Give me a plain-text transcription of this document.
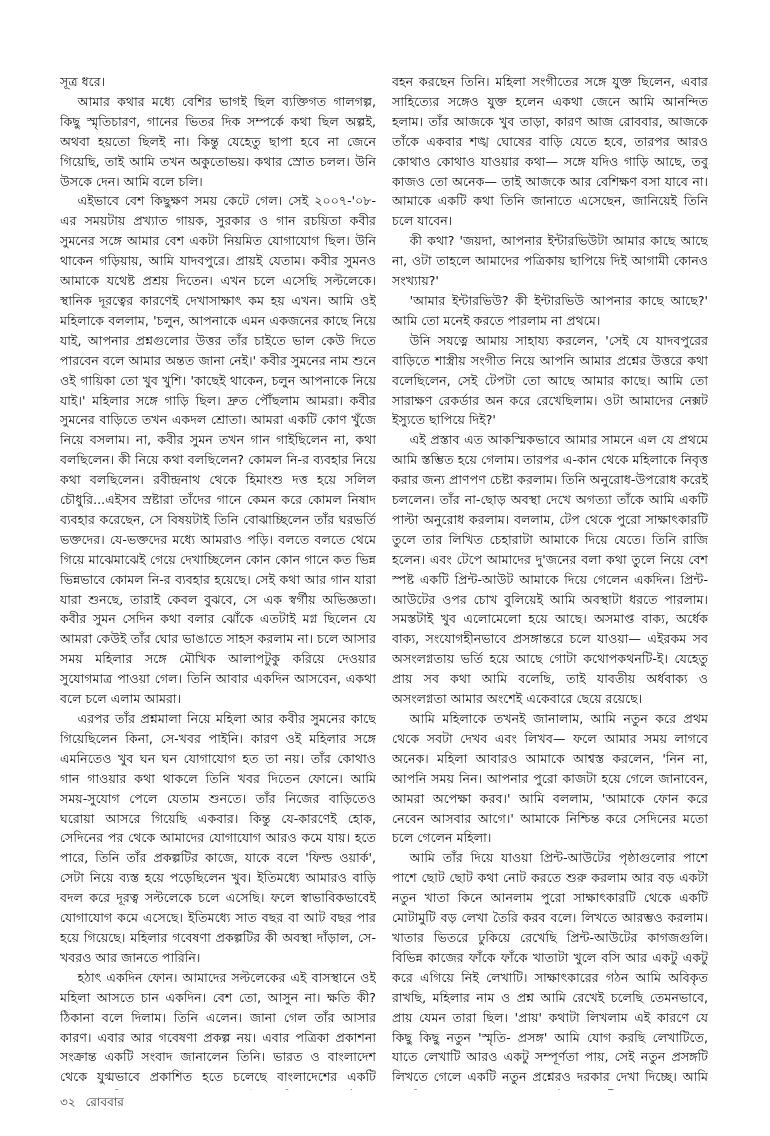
সূত্র ধরে।

আমার কথার মধ্যে বেশির ভাগই ছিল ব্যক্তিগত গালগল্প, কিছু স্মৃতিচারণ, গানের ভিতর দিক সম্পর্কে কথা ছিল অল্পই, অথবা হয়তো ছিলই না। কিন্তু যেহেতু ছাপা হবে না জেনে গিয়েছি, তাই আমি তখন অকুতোভয়। কথার স্রোত চলল। উনি উসকে দেন। আমি বলে চলি।

এইভাবে বেশ কিছুক্ষণ সময় কেটে গেল। সেই ২০০৭-'০৮-এর সময়টায় প্রখ্যাত গায়ক, সুরকার ও গান রচয়িতা কবীর সুমনের সঙ্গে আমার বেশ একটা নিয়মিত যোগাযোগ ছিল। উনি থাকেন গড়িয়ায়, আমি যাদবপুরে। প্রায়ই যেতাম। কবীর সুমনও আমাকে যথেষ্ট প্রশ্রয় দিতেন। এখন চলে এসেছি সল্টলেকে। স্থানিক দূরত্বের কারণেই দেখাসাক্ষাৎ কম হয় এখন। আমি ওই মহিলাকে বললাম, 'চলুন, আপনাকে এমন একজনের কাছে নিয়ে যাই, আপনার প্রশ্নগুলোর উত্তর তাঁর চাইতে ভাল কেউ দিতে পারবেন বলে আমার অন্তত জানা নেই।' কবীর সুমনের নাম শুনে ওই গায়িকা তো খুব খুশি। 'কাছেই থাকেন, চলুন আপনাকে নিয়ে যাই।' মহিলার সঙ্গে গাড়ি ছিল। দ্রুত পৌঁছলাম আমরা। কবীর সুমনের বাড়িতে তখন একদল শ্রোতা। আমরা একটি কোণ খুঁজে নিয়ে বসলাম। না, কবীর সুমন তখন গান গাইছিলেন না, কথা বলছিলেন। কী নিয়ে কথা বলছিলেন? কোমল নি-র ব্যবহার নিয়ে কথা বলছিলেন। রবীন্দ্রনাথ থেকে হিমাংশু দত্ত হয়ে সলিল চৌধুরি...এইসব স্রষ্টারা তাঁদের গানে কেমন করে কোমল নিষাদ ব্যবহার করেছেন, সে বিষয়টাই তিনি বোঝাচ্ছিলেন তাঁর ঘরভর্তি ভক্তদের। যে-ভক্তদের মধ্যে আমরাও পড়ি। বলতে বলতে থেমে গিয়ে মাঝেমাঝেই গেয়ে দেখাচ্ছিলেন কোন কোন গানে কত ভিন্ন ভিন্নভাবে কোমল নি-র ব্যবহার হয়েছে। সেই কথা আর গান যারা যারা শুনছে, তারাই কেবল বুঝবে, সে এক স্বর্গীয় অভিজ্ঞতা। কবীর সুমন সেদিন কথা বলার ঝোঁকে এতটাই মগ্ন ছিলেন যে আমরা কেউই তাঁর ঘোর ভাঙাতে সাহস করলাম না। চলে আসার সময় মহিলার সঙ্গে মৌখিক আলাপটুকু করিয়ে দেওয়ার সুযোগমাত্র পাওয়া গেল। তিনি আবার একদিন আসবেন, একথা বলে চলে এলাম আমরা।

এরপর তাঁর প্রশ্নমালা নিয়ে মহিলা আর কবীর সুমনের কাছে গিয়েছিলেন কিনা, সে-খবর পাইনি। কারণ ওই মহিলার সঙ্গে এমনিতেও খুব ঘন ঘন যোগাযোগ হত তা নয়। তাঁর কোথাও গান গাওয়ার কথা থাকলে তিনি খবর দিতেন ফোনে। আমি সময়-সুযোগ পেলে যেতাম শুনতে। তাঁর নিজের বাড়িতেও ঘরোয়া আসরে গিয়েছি একবার। কিন্তু যে-কারণেই হোক, সেদিনের পর থেকে আমাদের যোগাযোগ আরও কমে যায়। হতে পারে, তিনি তাঁর প্রকল্পটির কাজে, যাকে বলে 'ফিল্ড ওয়ার্ক', সেটা নিয়ে ব্যস্ত হয়ে পড়েছিলেন খুব। ইতিমধ্যে আমারও বাড়ি বদল করে দূরত্ব সল্টলেকে চলে এসেছি। ফলে স্বাভাবিকভাবেই যোগাযোগ কমে এসেছে। ইতিমধ্যে সাত বছর বা আট বছর পার হয়ে গিয়েছে। মহিলার গবেষণা প্রকল্পটির কী অবস্থা দাঁড়াল, সে-খবরও আর জানতে পারিনি।

হঠাৎ একদিন ফোন। আমাদের সল্টলেকের এই বাসস্থানে ওই মহিলা আসতে চান একদিন। বেশ তো, আসুন না। ক্ষতি কী? ঠিকানা বলে দিলাম। তিনি এলেন। জানা গেল তাঁর আসার কারণ। এবার আর গবেষণা প্রকল্প নয়। এবার পত্রিকা প্রকাশনা সংক্রান্ত একটি সংবাদ জানালেন তিনি। ভারত ও বাংলাদেশ থেকে যুগ্মভাবে প্রকাশিত হতে চলেছে বাংলাদেশের একটি

বহন করছেন তিনি। মহিলা সংগীতের সঙ্গে যুক্ত ছিলেন, এবার সাহিত্যের সঙ্গেও যুক্ত হলেন একথা জেনে আমি আনন্দিত হলাম। তাঁর আজকে খুব তাড়া, কারণ আজ রোববার, আজকে তাঁকে একবার শঙ্খ ঘোষের বাড়ি যেতে হবে, তারপর আরও কোথাও কোথাও যাওয়ার কথা— সঙ্গে যদিও গাড়ি আছে, তবু কাজও তো অনেক— তাই আজকে আর বেশিক্ষণ বসা যাবে না। আমাকে একটি কথা তিনি জানাতে এসেছেন, জানিয়েই তিনি চলে যাবেন।

কী কথা? 'জয়দা, আপনার ইন্টারভিউটা আমার কাছে আছে না, ওটা তাহলে আমাদের পত্রিকায় ছাপিয়ে দিই আগামী কোনও সংখ্যায়?'

'আমার ইন্টারভিউ? কী ইন্টারভিউ আপনার কাছে আছে?' আমি তো মনেই করতে পারলাম না প্রথমে।

উনি সযত্নে আমায় সাহায্য করলেন, 'সেই যে যাদবপুরের বাড়িতে শাস্ত্রীয় সংগীত নিয়ে আপনি আমার প্রশ্নের উত্তরে কথা বলেছিলেন, সেই টেপটা তো আছে আমার কাছে। আমি তো সারাক্ষণ রেকর্ডার অন করে রেখেছিলাম। ওটা আমাদের নেক্সট ইস্যুতে ছাপিয়ে দিই?'

এই প্রস্তাব এত আকস্মিকভাবে আমার সামনে এল যে প্রথমে আমি স্তম্ভিত হয়ে গেলাম। তারপর এ-কান থেকে মহিলাকে নিবৃত্ত করার জন্য প্রাণপণ চেষ্টা করলাম। তিনি অনুরোধ-উপরোধ করেই চললেন। তাঁর না-ছোড় অবস্থা দেখে অগত্যা তাঁকে আমি একটি পাল্টা অনুরোধ করলাম। বললাম, টেপ থেকে পুরো সাক্ষাৎকারটি তুলে তার লিখিত চেহারাটা আমাকে দিয়ে যেতে। তিনি রাজি হলেন। এবং টেপে আমাদের দু'জনের বলা কথা তুলে নিয়ে বেশ স্পষ্ট একটি প্রিন্ট-আউট আমাকে দিয়ে গেলেন একদিন। প্রিন্ট-আউটের ওপর চোখ বুলিয়েই আমি অবস্থাটা ধরতে পারলাম। সমস্তটাই খুব এলোমেলো হয়ে আছে। অসমাপ্ত বাক্য, অর্ধেক বাক্য, সংযোগহীনভাবে প্রসঙ্গান্তরে চলে যাওয়া— এইরকম সব অসংলগ্নতায় ভর্তি হয়ে আছে গোটা কথোপকথনটি-ই। যেহেতু প্রায় সব কথা আমি বলেছি, তাই যাবতীয় অর্ধবাক্য ও অসংলগ্নতা আমার অংশেই একেবারে ছেয়ে রয়েছে।

আমি মহিলাকে তখনই জানালাম, আমি নতুন করে প্রথম থেকে সবটা দেখব এবং লিখব— ফলে আমার সময় লাগবে অনেক। মহিলা আবারও আমাকে আশ্বস্ত করলেন, 'নিন না, আপনি সময় নিন। আপনার পুরো কাজটা হয়ে গেলে জানাবেন, আমরা অপেক্ষা করব।' আমি বললাম, 'আমাকে ফোন করে নেবেন আসবার আগে।' আমাকে নিশ্চিন্ত করে সেদিনের মতো চলে গেলেন মহিলা।

আমি তাঁর দিয়ে যাওয়া প্রিন্ট-আউটের পৃষ্ঠাগুলোর পাশে পাশে ছোট ছোট কথা নোট করতে শুরু করলাম আর বড় একটা নতুন খাতা কিনে আনলাম পুরো সাক্ষাৎকারটি থেকে একটি মোটামুটি বড় লেখা তৈরি করব বলে। লিখতে আরম্ভও করলাম। খাতার ভিতরে ঢুকিয়ে রেখেছি প্রিন্ট-আউটের কাগজগুলি। বিভিন্ন কাজের ফাঁকে ফাঁকে খাতাটা খুলে বসি আর একটু একটু করে এগিয়ে নিই লেখাটি। সাক্ষাৎকারের গঠন আমি অবিকৃত রাখছি, মহিলার নাম ও প্রশ্ন আমি রেখেই চলেছি তেমনভাবে, প্রায় যেমন তারা ছিল। 'প্রায়' কথাটা লিখলাম এই কারণে যে কিছু কিছু নতুন 'স্মৃতি- প্রসঙ্গ' আমি যোগ করছি লেখাটিতে, যাতে লেখাটি আরও একটু সম্পূর্ণতা পায়, সেই নতুন প্রসঙ্গটি লিখতে গেলে একটি নতুন প্রশ্নেরও দরকার দেখা দিচ্ছে। আমি

৩২ রোববার
